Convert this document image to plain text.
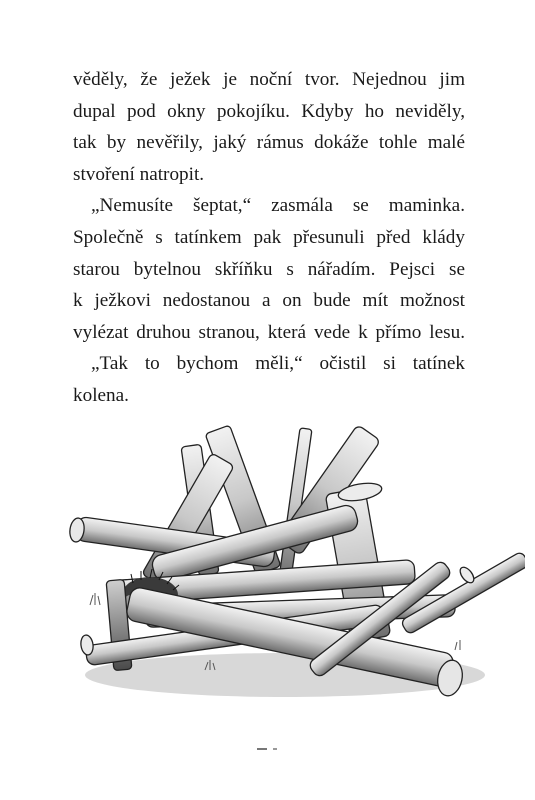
věděly, že ježek je noční tvor. Nejednou jim
dupal pod okny pokojíku. Kdyby ho neviděly,
tak by nevěřily, jaký rámus dokáže tohle malé
stvoření natropit.
„Nemusíte šeptat,“ zasmála se maminka.
Společně s tatínkem pak přesunuli před klády
starou bytelnou skříňku s nářadím. Pejsci se
k ježkovi nedostanou a on bude mít možnost
vylézat druhou stranou, která vede k přímo lesu.
„Tak to bychom měli,“ očistil si tatínek
kolena.
